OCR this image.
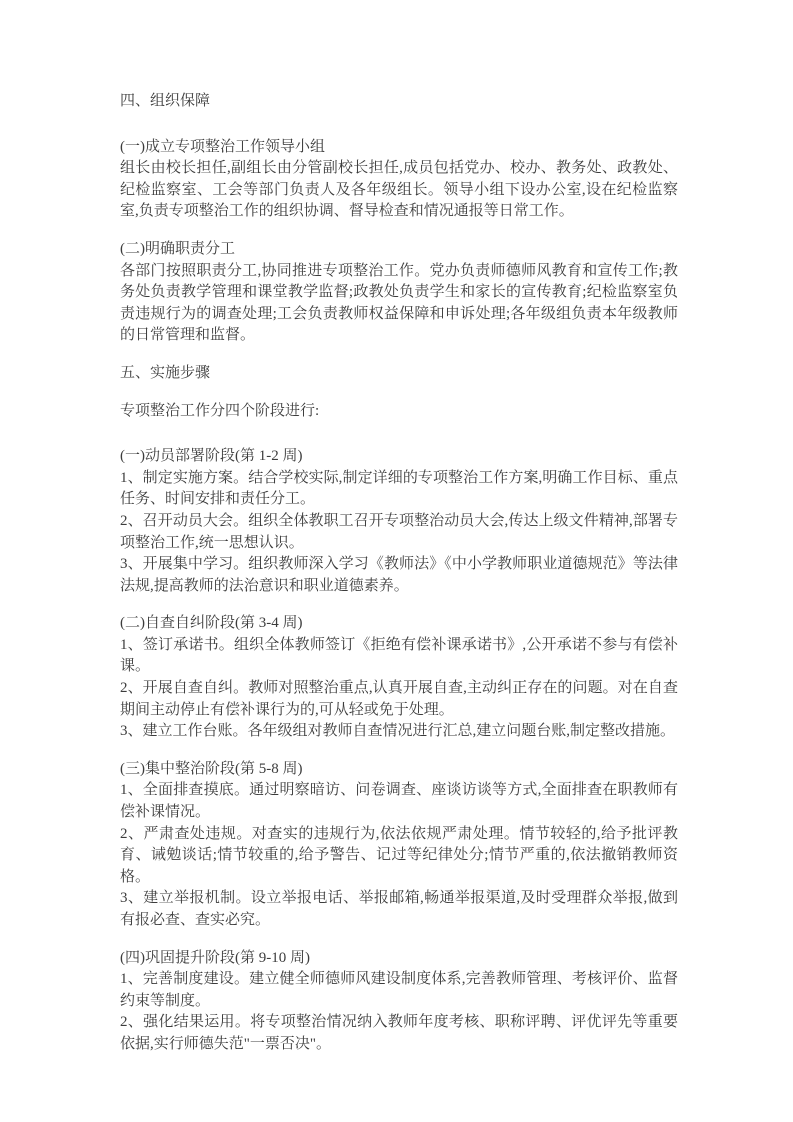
四、组织保障
(一)成立专项整治工作领导小组
组长由校长担任,副组长由分管副校长担任,成员包括党办、校办、教务处、政教处、纪检监察室、工会等部门负责人及各年级组长。领导小组下设办公室,设在纪检监察室,负责专项整治工作的组织协调、督导检查和情况通报等日常工作。
(二)明确职责分工
各部门按照职责分工,协同推进专项整治工作。党办负责师德师风教育和宣传工作;教务处负责教学管理和课堂教学监督;政教处负责学生和家长的宣传教育;纪检监察室负责违规行为的调查处理;工会负责教师权益保障和申诉处理;各年级组负责本年级教师的日常管理和监督。
五、实施步骤
专项整治工作分四个阶段进行:
(一)动员部署阶段(第 1-2 周)
1、制定实施方案。结合学校实际,制定详细的专项整治工作方案,明确工作目标、重点任务、时间安排和责任分工。
2、召开动员大会。组织全体教职工召开专项整治动员大会,传达上级文件精神,部署专项整治工作,统一思想认识。
3、开展集中学习。组织教师深入学习《教师法》《中小学教师职业道德规范》等法律法规,提高教师的法治意识和职业道德素养。
(二)自查自纠阶段(第 3-4 周)
1、签订承诺书。组织全体教师签订《拒绝有偿补课承诺书》,公开承诺不参与有偿补课。
2、开展自查自纠。教师对照整治重点,认真开展自查,主动纠正存在的问题。对在自查期间主动停止有偿补课行为的,可从轻或免于处理。
3、建立工作台账。各年级组对教师自查情况进行汇总,建立问题台账,制定整改措施。
(三)集中整治阶段(第 5-8 周)
1、全面排查摸底。通过明察暗访、问卷调查、座谈访谈等方式,全面排查在职教师有偿补课情况。
2、严肃查处违规。对查实的违规行为,依法依规严肃处理。情节较轻的,给予批评教育、诫勉谈话;情节较重的,给予警告、记过等纪律处分;情节严重的,依法撤销教师资格。
3、建立举报机制。设立举报电话、举报邮箱,畅通举报渠道,及时受理群众举报,做到有报必查、查实必究。
(四)巩固提升阶段(第 9-10 周)
1、完善制度建设。建立健全师德师风建设制度体系,完善教师管理、考核评价、监督约束等制度。
2、强化结果运用。将专项整治情况纳入教师年度考核、职称评聘、评优评先等重要依据,实行师德失范"一票否决"。
